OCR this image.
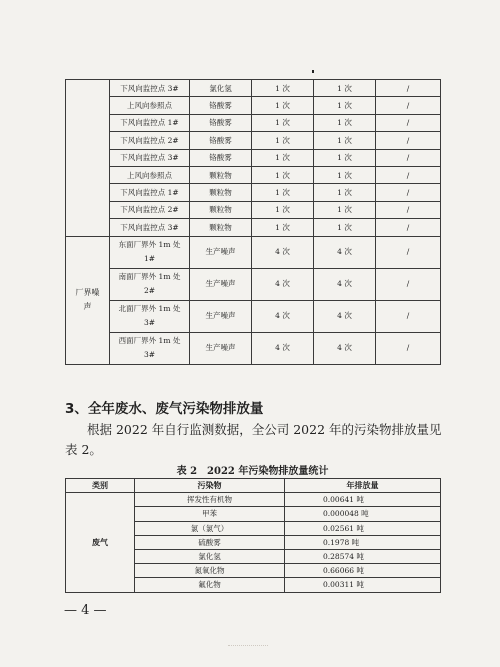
	下风向监控点 3#	氯化氢	1 次	1 次	/
	上风向参照点	铬酸雾	1 次	1 次	/
	下风向监控点 1#	铬酸雾	1 次	1 次	/
	下风向监控点 2#	铬酸雾	1 次	1 次	/
	下风向监控点 3#	铬酸雾	1 次	1 次	/
	上风向参照点	颗粒物	1 次	1 次	/
	下风向监控点 1#	颗粒物	1 次	1 次	/
	下风向监控点 2#	颗粒物	1 次	1 次	/
	下风向监控点 3#	颗粒物	1 次	1 次	/
厂界噪声	东面厂界外 1m 处1#	生产噪声	4 次	4 次	/
	南面厂界外 1m 处2#	生产噪声	4 次	4 次	/
	北面厂界外 1m 处3#	生产噪声	4 次	4 次	/
	西面厂界外 1m 处3#	生产噪声	4 次	4 次	/
3、全年废水、废气污染物排放量

根据 2022 年自行监测数据，全公司 2022 年的污染物排放量见表 2。

表 2　2022 年污染物排放量统计

类别	污染物	年排放量
废气	挥发性有机物	0.00641 吨
	甲苯	0.000048 吨
	氯（氯气）	0.02561 吨
	硫酸雾	0.1978 吨
	氯化氢	0.28574 吨
	氮氧化物	0.66066 吨
	氟化物	0.00311 吨

— 4 —
